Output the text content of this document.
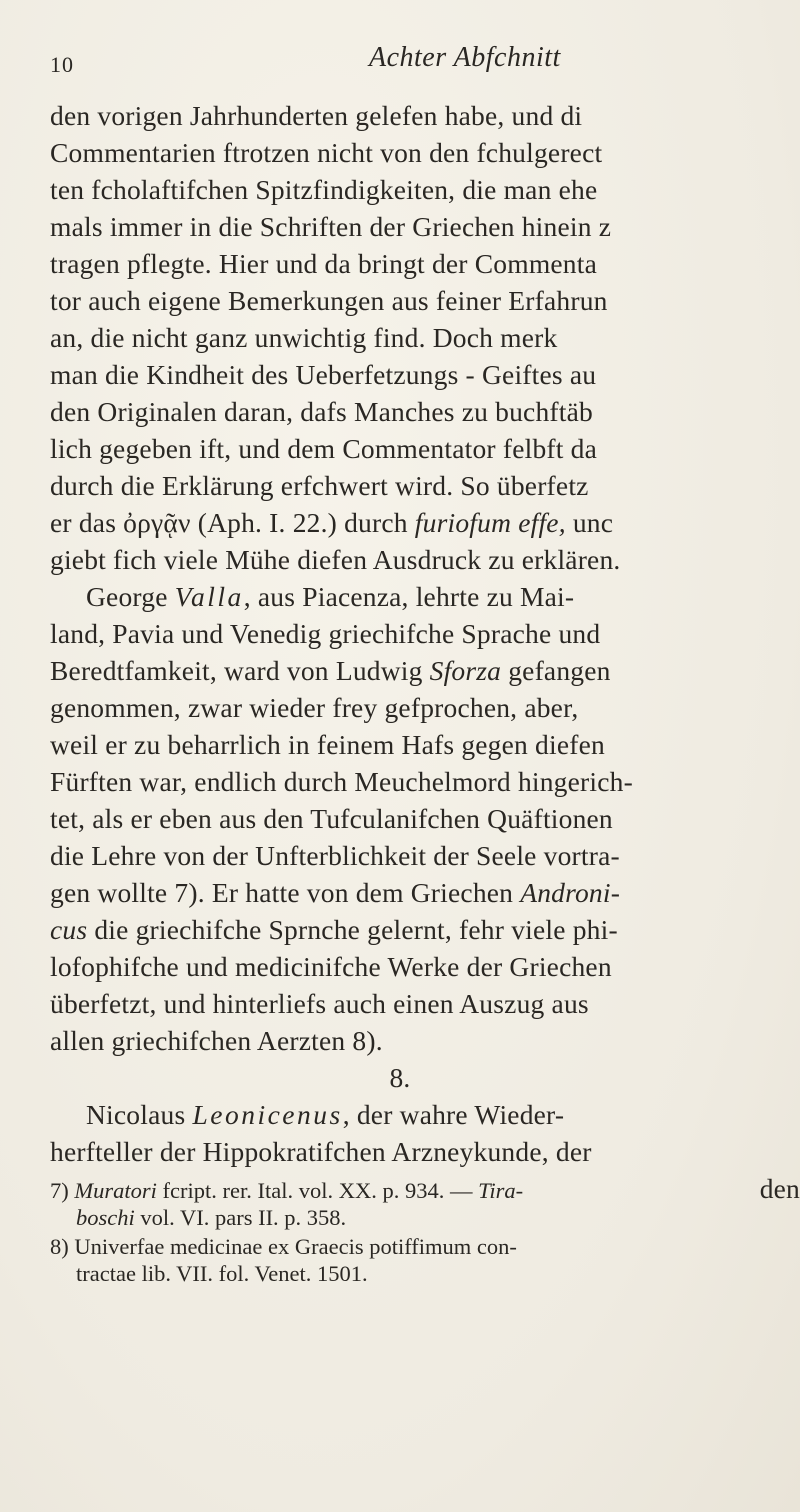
10	Achter Abfchnitt
den vorigen Jahrhunderten gelefen habe, und di
Commentarien ftrotzen nicht von den fchulgerect
ten fcholaftifchen Spitzfindigkeiten, die man ehe
mals immer in die Schriften der Griechen hinein z
tragen pflegte. Hier und da bringt der Commenta
tor auch eigene Bemerkungen aus feiner Erfahrun
an, die nicht ganz unwichtig find. Doch merk
man die Kindheit des Ueberfetzungs - Geiftes au
den Originalen daran, dafs Manches zu buchftäb
lich gegeben ift, und dem Commentator felbft da
durch die Erklärung erfchwert wird. So überfetz
er das ὀργᾷν (Aph. I. 22.) durch furiofum effe, unc
giebt fich viele Mühe diefen Ausdruck zu erklären.
George Valla, aus Piacenza, lehrte zu Mai-
land, Pavia und Venedig griechifche Sprache und
Beredtfamkeit, ward von Ludwig Sforza gefangen
genommen, zwar wieder frey gefprochen, aber,
weil er zu beharrlich in feinem Hafs gegen diefen
Fürften war, endlich durch Meuchelmord hingerich-
tet, als er eben aus den Tufculanifchen Quäftionen
die Lehre von der Unfterblichkeit der Seele vortra-
gen wollte 7). Er hatte von dem Griechen Androni-
cus die griechifche Sprnche gelernt, fehr viele phi-
lofophifche und medicinifche Werke der Griechen
überfetzt, und hinterliefs auch einen Auszug aus
allen griechifchen Aerzten 8).
8.
Nicolaus Leonicenus, der wahre Wieder-
herfteller der Hippokratifchen Arzneykunde, der
den
7) Muratori fcript. rer. Ital. vol. XX. p. 934. — Tira-
boschi vol. VI. pars II. p. 358.
8) Univerfae medicinae ex Graecis potiffimum con-
tractae lib. VII. fol. Venet. 1501.
